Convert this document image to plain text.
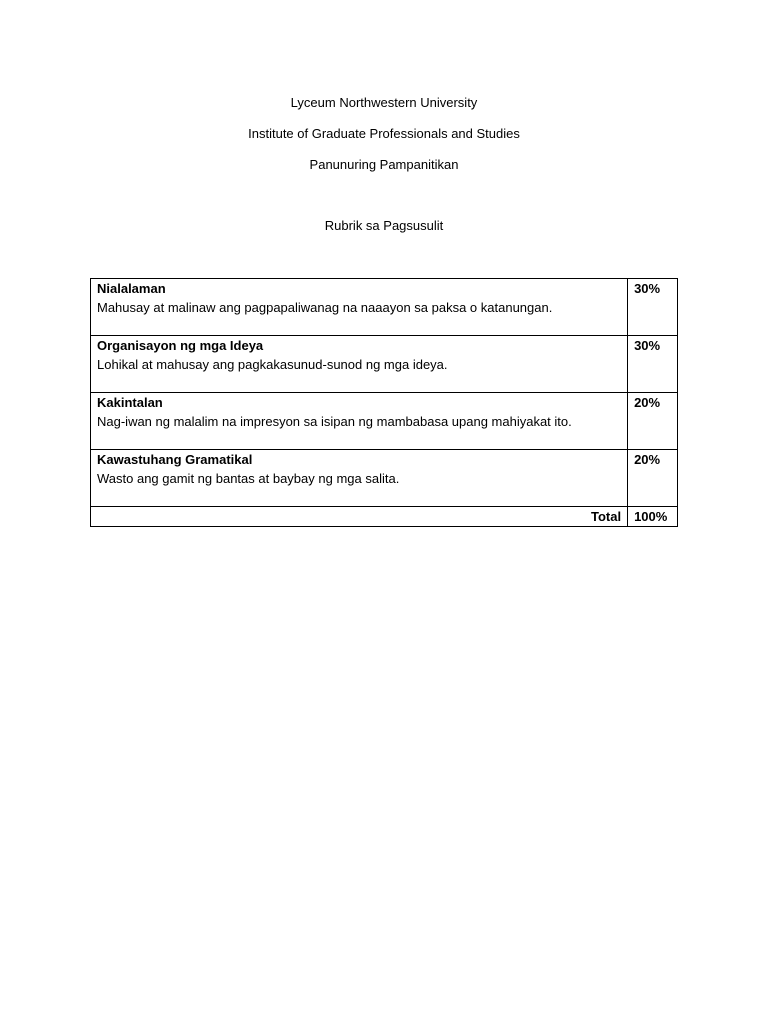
Lyceum Northwestern University
Institute of Graduate Professionals and Studies
Panunuring Pampanitikan
Rubrik sa Pagsusulit
Nialalaman
Mahusay at malinaw ang pagpapaliwanag na naaayon sa paksa o katanungan.	30%

Organisayon ng mga Ideya
Lohikal at mahusay ang pagkakasunud-sunod ng mga ideya.	30%

Kakintalan
Nag-iwan ng malalim na impresyon sa isipan ng mambabasa upang mahiyakat ito.	20%

Kawastuhang Gramatikal
Wasto ang gamit ng bantas at baybay ng mga salita.	20%
Total	100%
